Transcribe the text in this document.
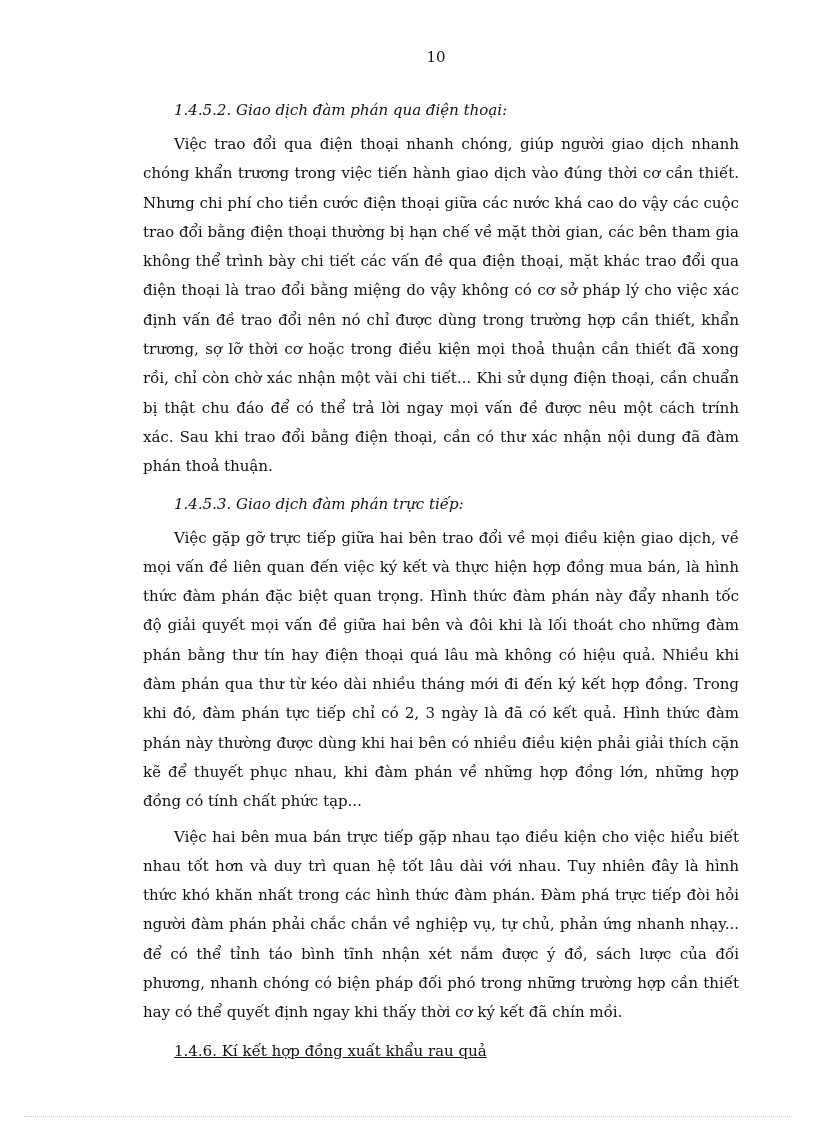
10

1.4.5.2. Giao dịch đàm phán qua điện thoại:

Việc trao đổi qua điện thoại nhanh chóng, giúp người giao dịch nhanh chóng khẩn trương trong việc tiến hành giao dịch vào đúng thời cơ cần thiết. Nhưng chi phí cho tiền cước điện thoại giữa các nước khá cao do vậy các cuộc trao đổi bằng điện thoại thường bị hạn chế về mặt thời gian, các bên tham gia không thể trình bày chi tiết các vấn đề qua điện thoại, mặt khác trao đổi qua điện thoại là trao đổi bằng miệng do vậy không có cơ sở pháp lý cho việc xác định vấn đề trao đổi nên nó chỉ được dùng trong trường hợp cần thiết, khẩn trương, sợ lỡ thời cơ hoặc trong điều kiện mọi thoả thuận cần thiết đã xong rồi, chỉ còn chờ xác nhận một vài chi tiết... Khi sử dụng điện thoại, cần chuẩn bị thật chu đáo để có thể trả lời ngay mọi vấn đề được nêu một cách trính xác. Sau khi trao đổi bằng điện thoại, cần có thư xác nhận nội dung đã đàm phán thoả thuận.

1.4.5.3. Giao dịch đàm phán trực tiếp:

Việc gặp gỡ trực tiếp giữa hai bên trao đổi về mọi điều kiện giao dịch, về mọi vấn đề liên quan đến việc ký kết và thực hiện hợp đồng mua bán, là hình thức đàm phán đặc biệt quan trọng. Hình thức đàm phán này đẩy nhanh tốc độ giải quyết mọi vấn đề giữa hai bên và đôi khi là lối thoát cho những đàm phán bằng thư tín hay điện thoại quá lâu mà không có hiệu quả. Nhiều khi đàm phán qua thư từ kéo dài nhiều tháng mới đi đến ký kết hợp đồng. Trong khi đó, đàm phán tực tiếp chỉ có 2, 3 ngày là đã có kết quả. Hình thức đàm phán này thường được dùng khi hai bên có nhiều điều kiện phải giải thích cặn kẽ để thuyết phục nhau, khi đàm phán về những hợp đồng lớn, những hợp đồng có tính chất phức tạp...

Việc hai bên mua bán trực tiếp gặp nhau tạo điều kiện cho việc hiểu biết nhau tốt hơn và duy trì quan hệ tốt lâu dài với nhau. Tuy nhiên đây là hình thức khó khăn nhất trong các hình thức đàm phán. Đàm phá trực tiếp đòi hỏi người đàm phán phải chắc chắn về nghiệp vụ, tự chủ, phản ứng nhanh nhạy... để có thể tỉnh táo bình tĩnh nhận xét nắm được ý đồ, sách lược của đối phương, nhanh chóng có biện pháp đối phó trong những trường hợp cần thiết hay có thể quyết định ngay khi thấy thời cơ ký kết đã chín mồi.

1.4.6. Kí kết hợp đồng xuất khẩu rau quả
